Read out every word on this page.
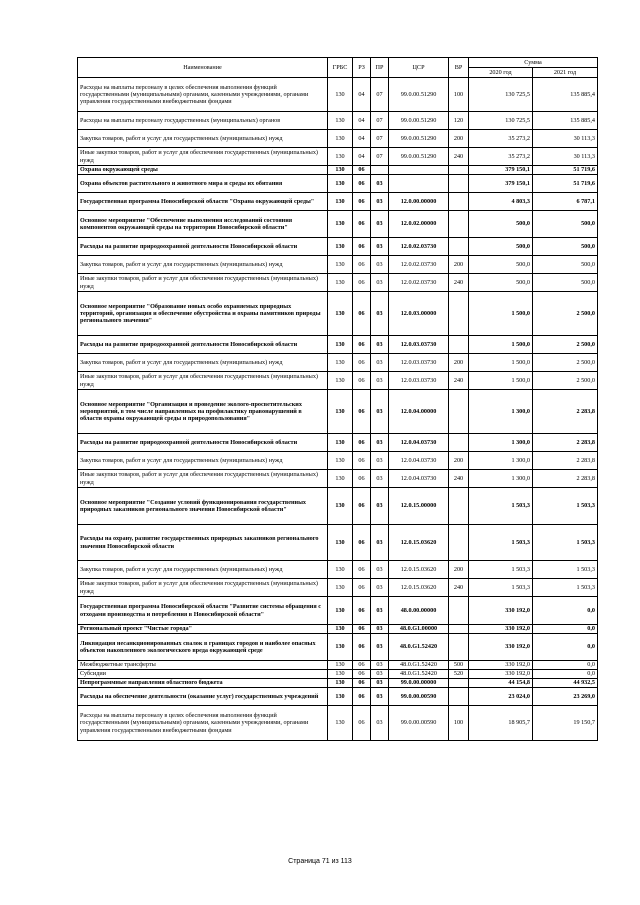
Наименование	ГРБС	РЗ	ПР	ЦСР	ВР	Сумма	
						2020 год	2021 год
Расходы на выплаты персоналу в целях обеспечения выполнения функций государственными (муниципальными) органами, казенными учреждениями, органами управления государственными внебюджетными фондами	130	04	07	99.0.00.51290	100	130 725,5	135 885,4
Расходы на выплаты персоналу государственных (муниципальных) органов	130	04	07	99.0.00.51290	120	130 725,5	135 885,4
Закупка товаров, работ и услуг для государственных (муниципальных) нужд	130	04	07	99.0.00.51290	200	35 273,2	30 113,3
Иные закупки товаров, работ и услуг для обеспечения государственных (муниципальных) нужд	130	04	07	99.0.00.51290	240	35 273,2	30 113,3
Охрана окружающей среды	130	06				379 150,1	51 719,6
Охрана объектов растительного и животного мира и среды их обитания	130	06	03			379 150,1	51 719,6
Государственная программа Новосибирской области "Охрана окружающей среды"	130	06	03	12.0.00.00000		4 803,3	6 787,1
Основное мероприятие "Обеспечение выполнения исследований состояния компонентов окружающей среды на территории Новосибирской области"	130	06	03	12.0.02.00000		500,0	500,0
Расходы на развитие природоохранной деятельности Новосибирской области	130	06	03	12.0.02.03730		500,0	500,0
Закупка товаров, работ и услуг для государственных (муниципальных) нужд	130	06	03	12.0.02.03730	200	500,0	500,0
Иные закупки товаров, работ и услуг для обеспечения государственных (муниципальных) нужд	130	06	03	12.0.02.03730	240	500,0	500,0
Основное мероприятие "Образование новых особо охраняемых природных территорий, организация и обеспечение обустройства и охраны памятников природы регионального значения"	130	06	03	12.0.03.00000		1 500,0	2 500,0
Расходы на развитие природоохранной деятельности Новосибирской области	130	06	03	12.0.03.03730		1 500,0	2 500,0
Закупка товаров, работ и услуг для государственных (муниципальных) нужд	130	06	03	12.0.03.03730	200	1 500,0	2 500,0
Иные закупки товаров, работ и услуг для обеспечения государственных (муниципальных) нужд	130	06	03	12.0.03.03730	240	1 500,0	2 500,0
Основное мероприятие "Организация и проведение эколого-просветительских мероприятий, в том числе направленных на профилактику правонарушений в области охраны окружающей среды и природопользования"	130	06	03	12.0.04.00000		1 300,0	2 283,8
Расходы на развитие природоохранной деятельности Новосибирской области	130	06	03	12.0.04.03730		1 300,0	2 283,8
Закупка товаров, работ и услуг для государственных (муниципальных) нужд	130	06	03	12.0.04.03730	200	1 300,0	2 283,8
Иные закупки товаров, работ и услуг для обеспечения государственных (муниципальных) нужд	130	06	03	12.0.04.03730	240	1 300,0	2 283,8
Основное мероприятие "Создание условий функционирования государственных природных заказников регионального значения Новосибирской области"	130	06	03	12.0.15.00000		1 503,3	1 503,3
Расходы на охрану, развитие государственных природных заказников регионального значения Новосибирской области	130	06	03	12.0.15.03620		1 503,3	1 503,3
Закупка товаров, работ и услуг для государственных (муниципальных) нужд	130	06	03	12.0.15.03620	200	1 503,3	1 503,3
Иные закупки товаров, работ и услуг для обеспечения государственных (муниципальных) нужд	130	06	03	12.0.15.03620	240	1 503,3	1 503,3
Государственная программа Новосибирской области "Развитие системы обращения с отходами производства и потребления в Новосибирской области"	130	06	03	48.0.00.00000		330 192,0	0,0
Региональный проект "Чистые города"	130	06	03	48.0.G1.00000		330 192,0	0,0
Ликвидация несанкционированных свалок в границах городов и наиболее опасных объектов накопленного экологического вреда окружающей среде	130	06	03	48.0.G1.52420		330 192,0	0,0
Межбюджетные трансферты	130	06	03	48.0.G1.52420	500	330 192,0	0,0
Субсидии	130	06	03	48.0.G1.52420	520	330 192,0	0,0
Непрограммные направления областного бюджета	130	06	03	99.0.00.00000		44 154,8	44 932,5
Расходы на обеспечение деятельности (оказание услуг) государственных учреждений	130	06	03	99.0.00.00590		23 024,0	23 269,0
Расходы на выплаты персоналу в целях обеспечения выполнения функций государственными (муниципальными) органами, казенными учреждениями, органами управления государственными внебюджетными фондами	130	06	03	99.0.00.00590	100	18 905,7	19 150,7
Страница 71 из 113
